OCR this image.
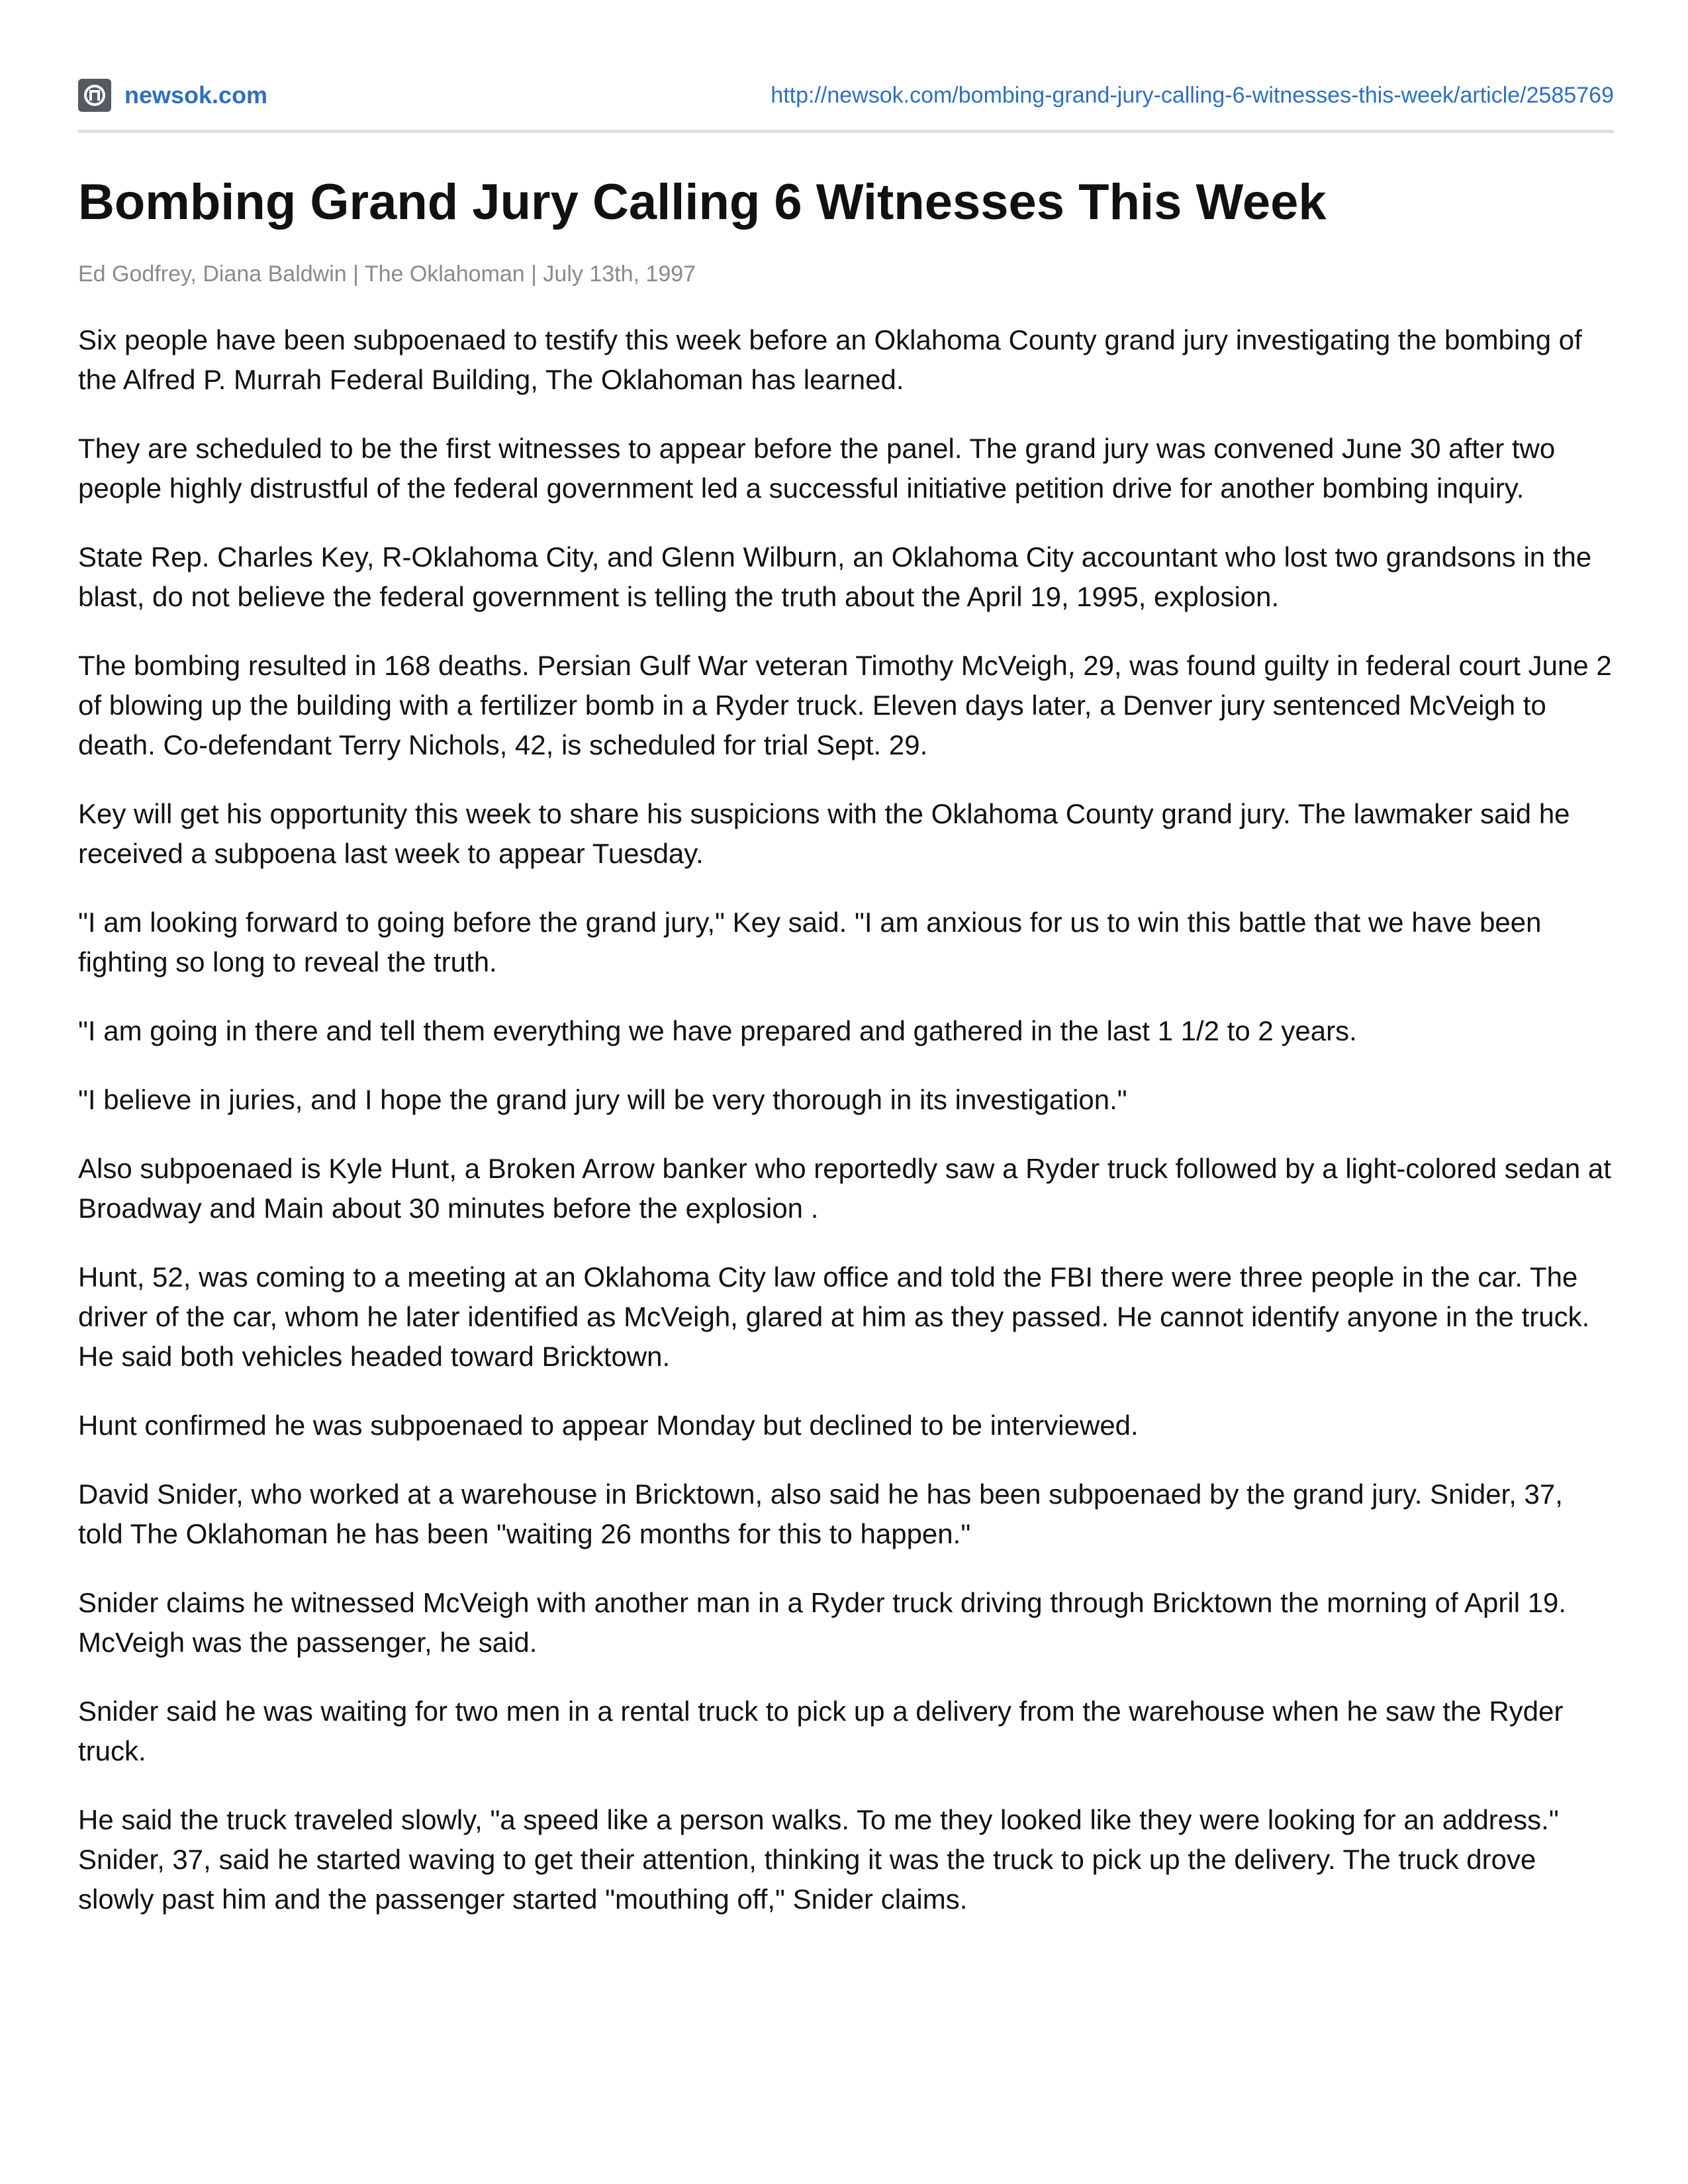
newsok.com	http://newsok.com/bombing-grand-jury-calling-6-witnesses-this-week/article/2585769
Bombing Grand Jury Calling 6 Witnesses This Week
Ed Godfrey, Diana Baldwin | The Oklahoman | July 13th, 1997

Six people have been subpoenaed to testify this week before an Oklahoma County grand jury investigating the bombing of the Alfred P. Murrah Federal Building, The Oklahoman has learned.

They are scheduled to be the first witnesses to appear before the panel. The grand jury was convened June 30 after two people highly distrustful of the federal government led a successful initiative petition drive for another bombing inquiry.

State Rep. Charles Key, R-Oklahoma City, and Glenn Wilburn, an Oklahoma City accountant who lost two grandsons in the blast, do not believe the federal government is telling the truth about the April 19, 1995, explosion.

The bombing resulted in 168 deaths. Persian Gulf War veteran Timothy McVeigh, 29, was found guilty in federal court June 2 of blowing up the building with a fertilizer bomb in a Ryder truck. Eleven days later, a Denver jury sentenced McVeigh to death. Co-defendant Terry Nichols, 42, is scheduled for trial Sept. 29.

Key will get his opportunity this week to share his suspicions with the Oklahoma County grand jury. The lawmaker said he received a subpoena last week to appear Tuesday.

"I am looking forward to going before the grand jury," Key said. "I am anxious for us to win this battle that we have been fighting so long to reveal the truth.

"I am going in there and tell them everything we have prepared and gathered in the last 1 1/2 to 2 years.

"I believe in juries, and I hope the grand jury will be very thorough in its investigation."

Also subpoenaed is Kyle Hunt, a Broken Arrow banker who reportedly saw a Ryder truck followed by a light-colored sedan at Broadway and Main about 30 minutes before the explosion .

Hunt, 52, was coming to a meeting at an Oklahoma City law office and told the FBI there were three people in the car. The driver of the car, whom he later identified as McVeigh, glared at him as they passed. He cannot identify anyone in the truck. He said both vehicles headed toward Bricktown.

Hunt confirmed he was subpoenaed to appear Monday but declined to be interviewed.

David Snider, who worked at a warehouse in Bricktown, also said he has been subpoenaed by the grand jury. Snider, 37, told The Oklahoman he has been "waiting 26 months for this to happen."

Snider claims he witnessed McVeigh with another man in a Ryder truck driving through Bricktown the morning of April 19. McVeigh was the passenger, he said.

Snider said he was waiting for two men in a rental truck to pick up a delivery from the warehouse when he saw the Ryder truck.

He said the truck traveled slowly, "a speed like a person walks. To me they looked like they were looking for an address." Snider, 37, said he started waving to get their attention, thinking it was the truck to pick up the delivery. The truck drove slowly past him and the passenger started "mouthing off," Snider claims.
